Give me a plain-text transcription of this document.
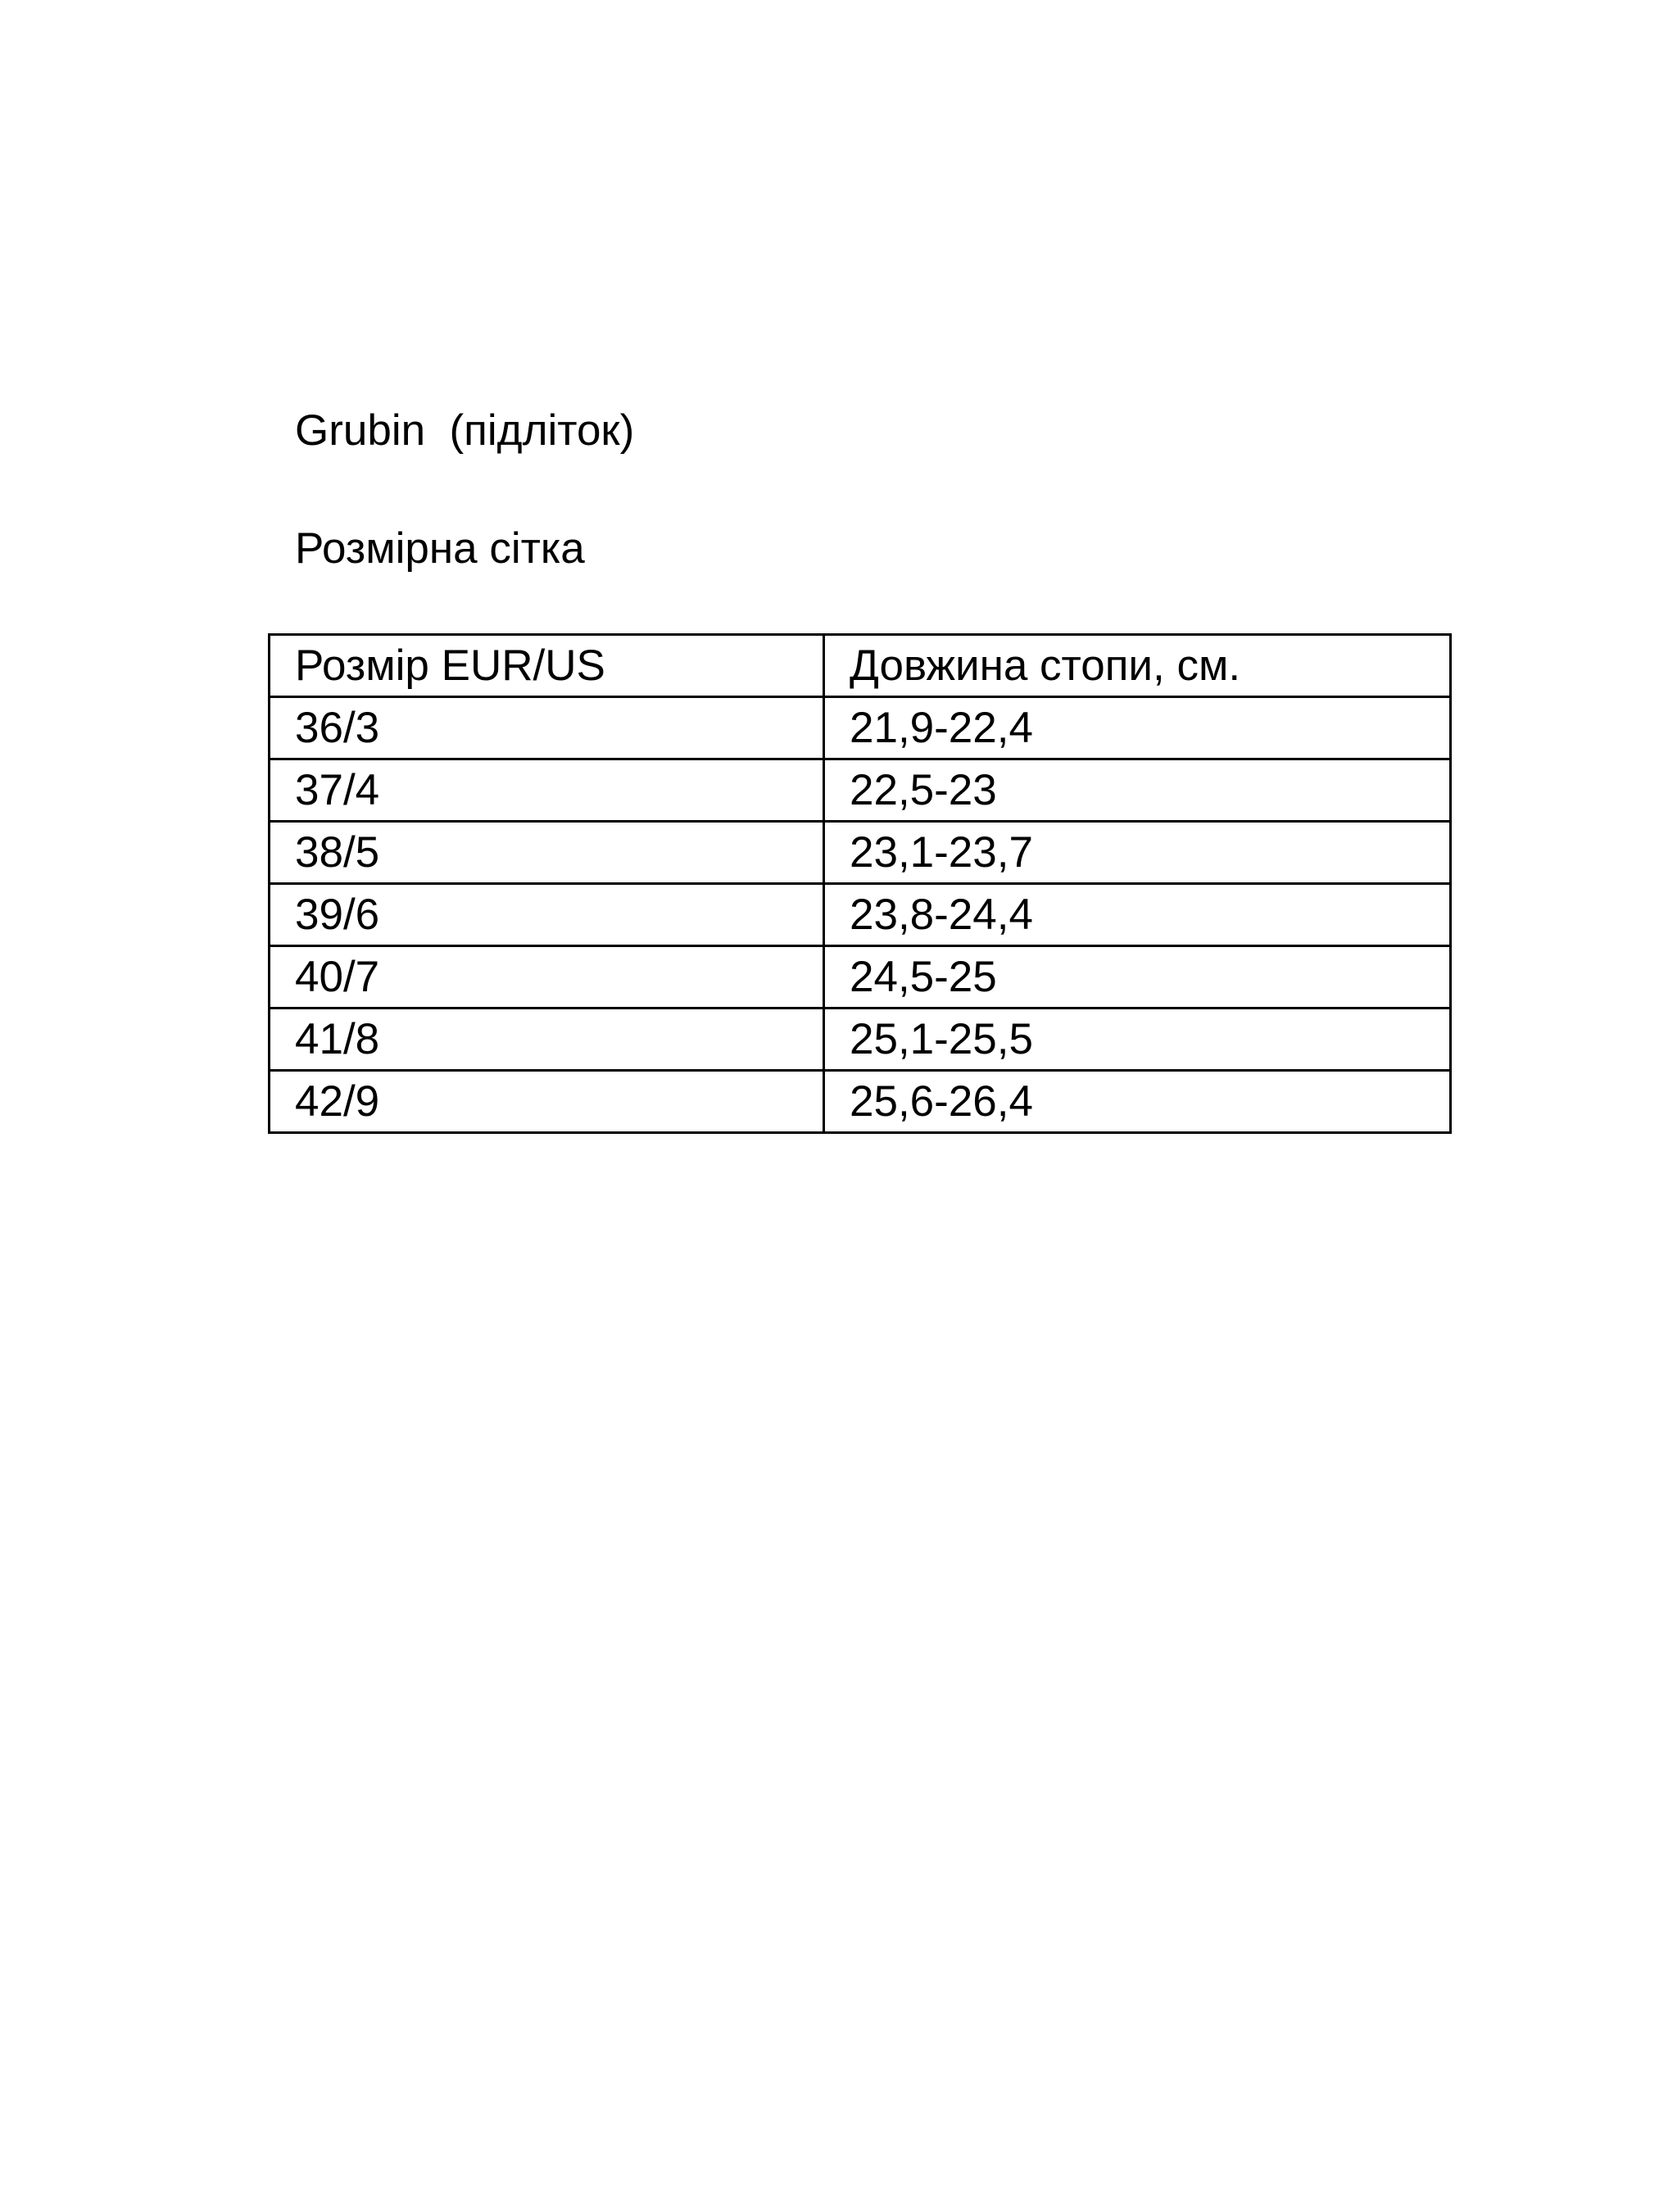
Grubin  (підліток)
Розмірна сітка
Розмір EUR/US	Довжина стопи, см.
36/3	21,9-22,4
37/4	22,5-23
38/5	23,1-23,7
39/6	23,8-24,4
40/7	24,5-25
41/8	25,1-25,5
42/9	25,6-26,4
